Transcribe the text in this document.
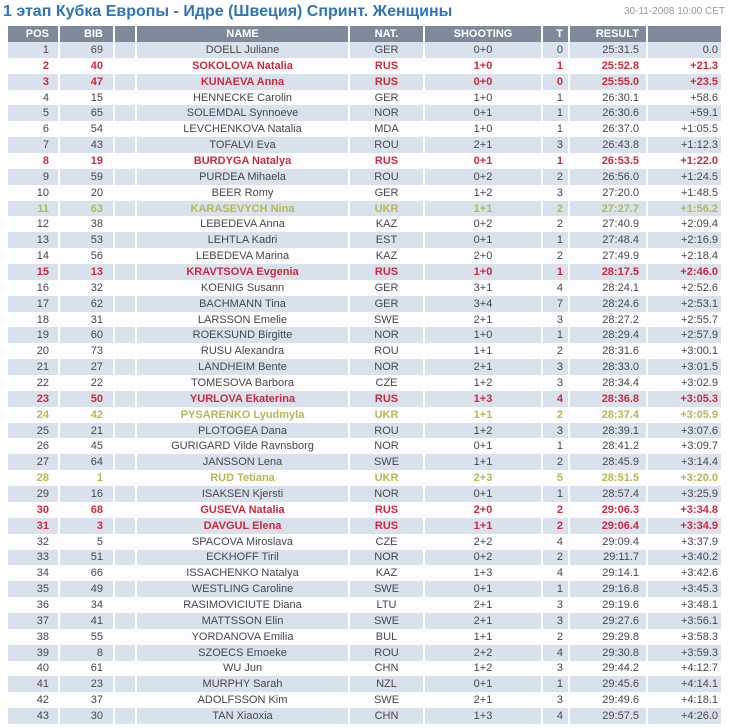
1 этап Кубка Европы - Идре (Швеция) Спринт. Женщины	30-11-2008 10:00 CET
POS	BIB		NAME	NAT.	SHOOTING	T	RESULT	
1	69		DOELL Juliane	GER	0+0	0	25:31.5	0.0
2	40		SOKOLOVA Natalia	RUS	1+0	1	25:52.8	+21.3
3	47		KUNAEVA Anna	RUS	0+0	0	25:55.0	+23.5
4	15		HENNECKE Carolin	GER	1+0	1	26:30.1	+58.6
5	65		SOLEMDAL Synnoeve	NOR	0+1	1	26:30.6	+59.1
6	54		LEVCHENKOVA Natalia	MDA	1+0	1	26:37.0	+1:05.5
7	43		TOFALVI Eva	ROU	2+1	3	26:43.8	+1:12.3
8	19		BURDYGA Natalya	RUS	0+1	1	26:53.5	+1:22.0
9	59		PURDEA Mihaela	ROU	0+2	2	26:56.0	+1:24.5
10	20		BEER Romy	GER	1+2	3	27:20.0	+1:48.5
11	63		KARASEVYCH Nina	UKR	1+1	2	27:27.7	+1:56.2
12	38		LEBEDEVA Anna	KAZ	0+2	2	27:40.9	+2:09.4
13	53		LEHTLA Kadri	EST	0+1	1	27:48.4	+2:16.9
14	56		LEBEDEVA Marina	KAZ	2+0	2	27:49.9	+2:18.4
15	13		KRAVTSOVA Evgenia	RUS	1+0	1	28:17.5	+2:46.0
16	32		KOENIG Susann	GER	3+1	4	28:24.1	+2:52.6
17	62		BACHMANN Tina	GER	3+4	7	28:24.6	+2:53.1
18	31		LARSSON Emelie	SWE	2+1	3	28:27.2	+2:55.7
19	60		ROEKSUND Birgitte	NOR	1+0	1	28:29.4	+2:57.9
20	73		RUSU Alexandra	ROU	1+1	2	28:31.6	+3:00.1
21	27		LANDHEIM Bente	NOR	2+1	3	28:33.0	+3:01.5
22	22		TOMESOVA Barbora	CZE	1+2	3	28:34.4	+3:02.9
23	50		YURLOVA Ekaterina	RUS	1+3	4	28:36.8	+3:05.3
24	42		PYSARENKO Lyudmyla	UKR	1+1	2	28:37.4	+3:05.9
25	21		PLOTOGEA Dana	ROU	1+2	3	28:39.1	+3:07.6
26	45		GURIGARD Vilde Ravnsborg	NOR	0+1	1	28:41.2	+3:09.7
27	64		JANSSON Lena	SWE	1+1	2	28:45.9	+3:14.4
28	1		RUD Tetiana	UKR	2+3	5	28:51.5	+3:20.0
29	16		ISAKSEN Kjersti	NOR	0+1	1	28:57.4	+3:25.9
30	68		GUSEVA Natalia	RUS	2+0	2	29:06.3	+3:34.8
31	3		DAVGUL Elena	RUS	1+1	2	29:06.4	+3:34.9
32	5		SPACOVA Miroslava	CZE	2+2	4	29:09.4	+3:37.9
33	51		ECKHOFF Tiril	NOR	0+2	2	29:11.7	+3:40.2
34	66		ISSACHENKO Natalya	KAZ	1+3	4	29:14.1	+3:42.6
35	49		WESTLING Caroline	SWE	0+1	1	29:16.8	+3:45.3
36	34		RASIMOVICIUTE Diana	LTU	2+1	3	29:19.6	+3:48.1
37	41		MATTSSON Elin	SWE	2+1	3	29:27.6	+3:56.1
38	55		YORDANOVA Emilia	BUL	1+1	2	29:29.8	+3:58.3
39	8		SZOECS Emoeke	ROU	2+2	4	29:30.8	+3:59.3
40	61		WU Jun	CHN	1+2	3	29:44.2	+4:12.7
41	23		MURPHY Sarah	NZL	0+1	1	29:45.6	+4:14.1
42	37		ADOLFSSON Kim	SWE	2+1	3	29:49.6	+4:18.1
43	30		TAN Xiaoxia	CHN	1+3	4	29:57.5	+4:26.0
